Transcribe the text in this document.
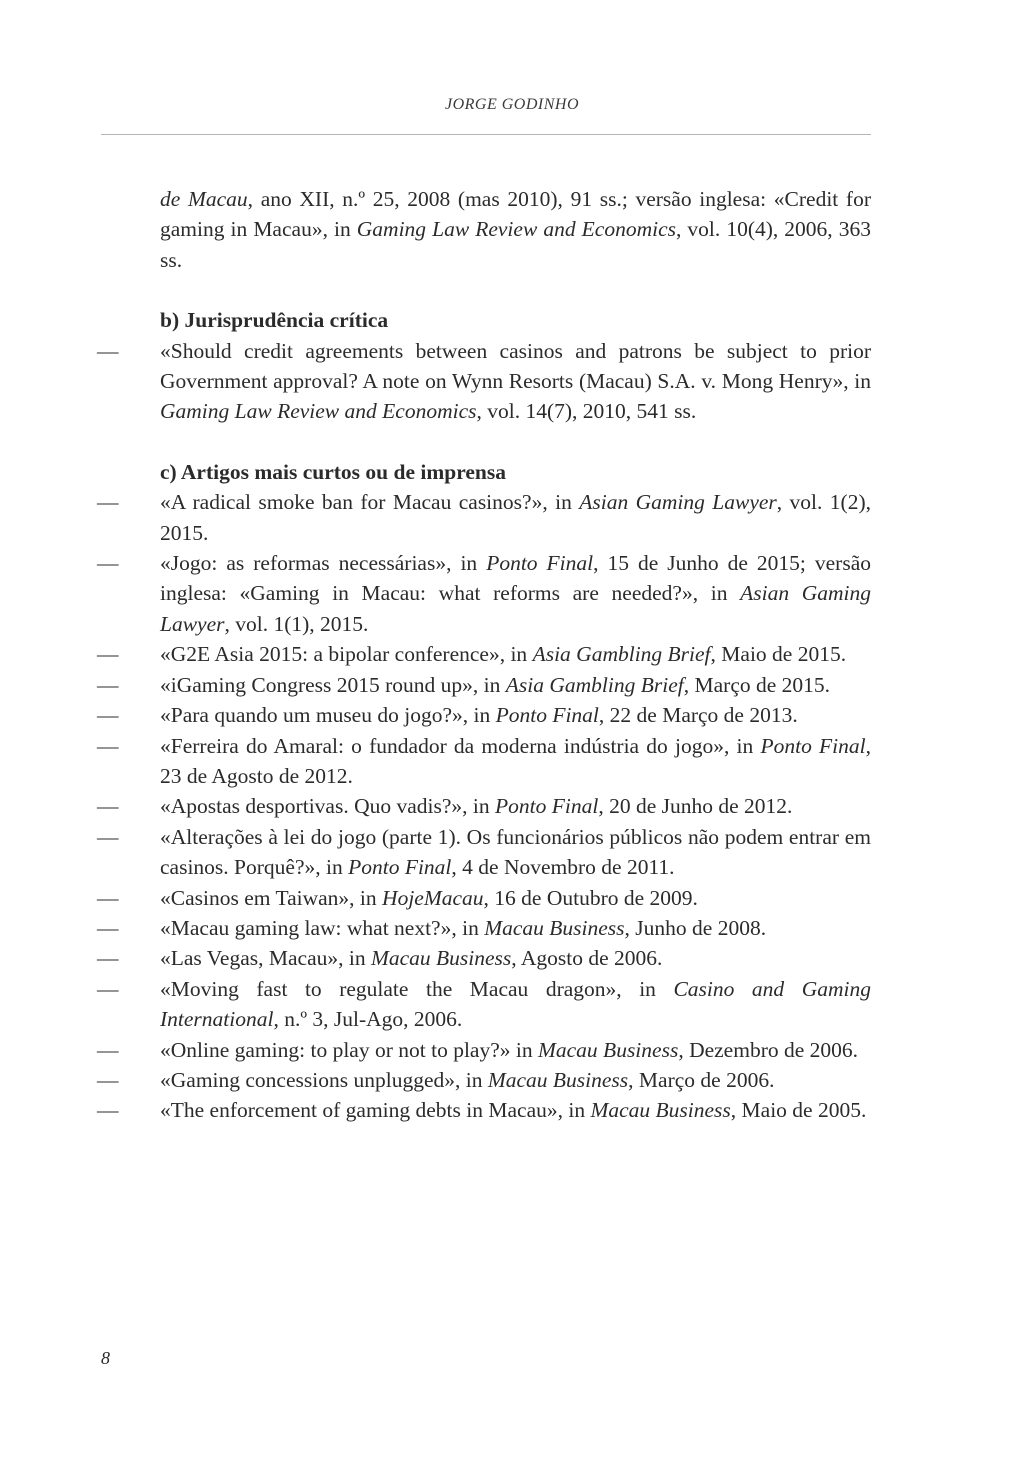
JORGE GODINHO

de Macau, ano XII, n.º 25, 2008 (mas 2010), 91 ss.; versão inglesa: «Credit for gaming in Macau», in Gaming Law Review and Economics, vol. 10(4), 2006, 363 ss.

b) Jurisprudência crítica

—	«Should credit agreements between casinos and patrons be subject to prior Government approval? A note on Wynn Resorts (Macau) S.A. v. Mong Henry», in Gaming Law Review and Economics, vol. 14(7), 2010, 541 ss.

c) Artigos mais curtos ou de imprensa

—	«A radical smoke ban for Macau casinos?», in Asian Gaming Lawyer, vol. 1(2), 2015.

—	«Jogo: as reformas necessárias», in Ponto Final, 15 de Junho de 2015; versão inglesa: «Gaming in Macau: what reforms are needed?», in Asian Gaming Lawyer, vol. 1(1), 2015.

—	«G2E Asia 2015: a bipolar conference», in Asia Gambling Brief, Maio de 2015.

—	«iGaming Congress 2015 round up», in Asia Gambling Brief, Março de 2015.

—	«Para quando um museu do jogo?», in Ponto Final, 22 de Março de 2013.

—	«Ferreira do Amaral: o fundador da moderna indústria do jogo», in Ponto Final, 23 de Agosto de 2012.

—	«Apostas desportivas. Quo vadis?», in Ponto Final, 20 de Junho de 2012.

—	«Alterações à lei do jogo (parte 1). Os funcionários públicos não podem entrar em casinos. Porquê?», in Ponto Final, 4 de Novembro de 2011.

—	«Casinos em Taiwan», in HojeMacau, 16 de Outubro de 2009.

—	«Macau gaming law: what next?», in Macau Business, Junho de 2008.

—	«Las Vegas, Macau», in Macau Business, Agosto de 2006.

—	«Moving fast to regulate the Macau dragon», in Casino and Gaming International, n.º 3, Jul-Ago, 2006.

—	«Online gaming: to play or not to play?» in Macau Business, Dezembro de 2006.

—	«Gaming concessions unplugged», in Macau Business, Março de 2006.

—	«The enforcement of gaming debts in Macau», in Macau Business, Maio de 2005.

8
